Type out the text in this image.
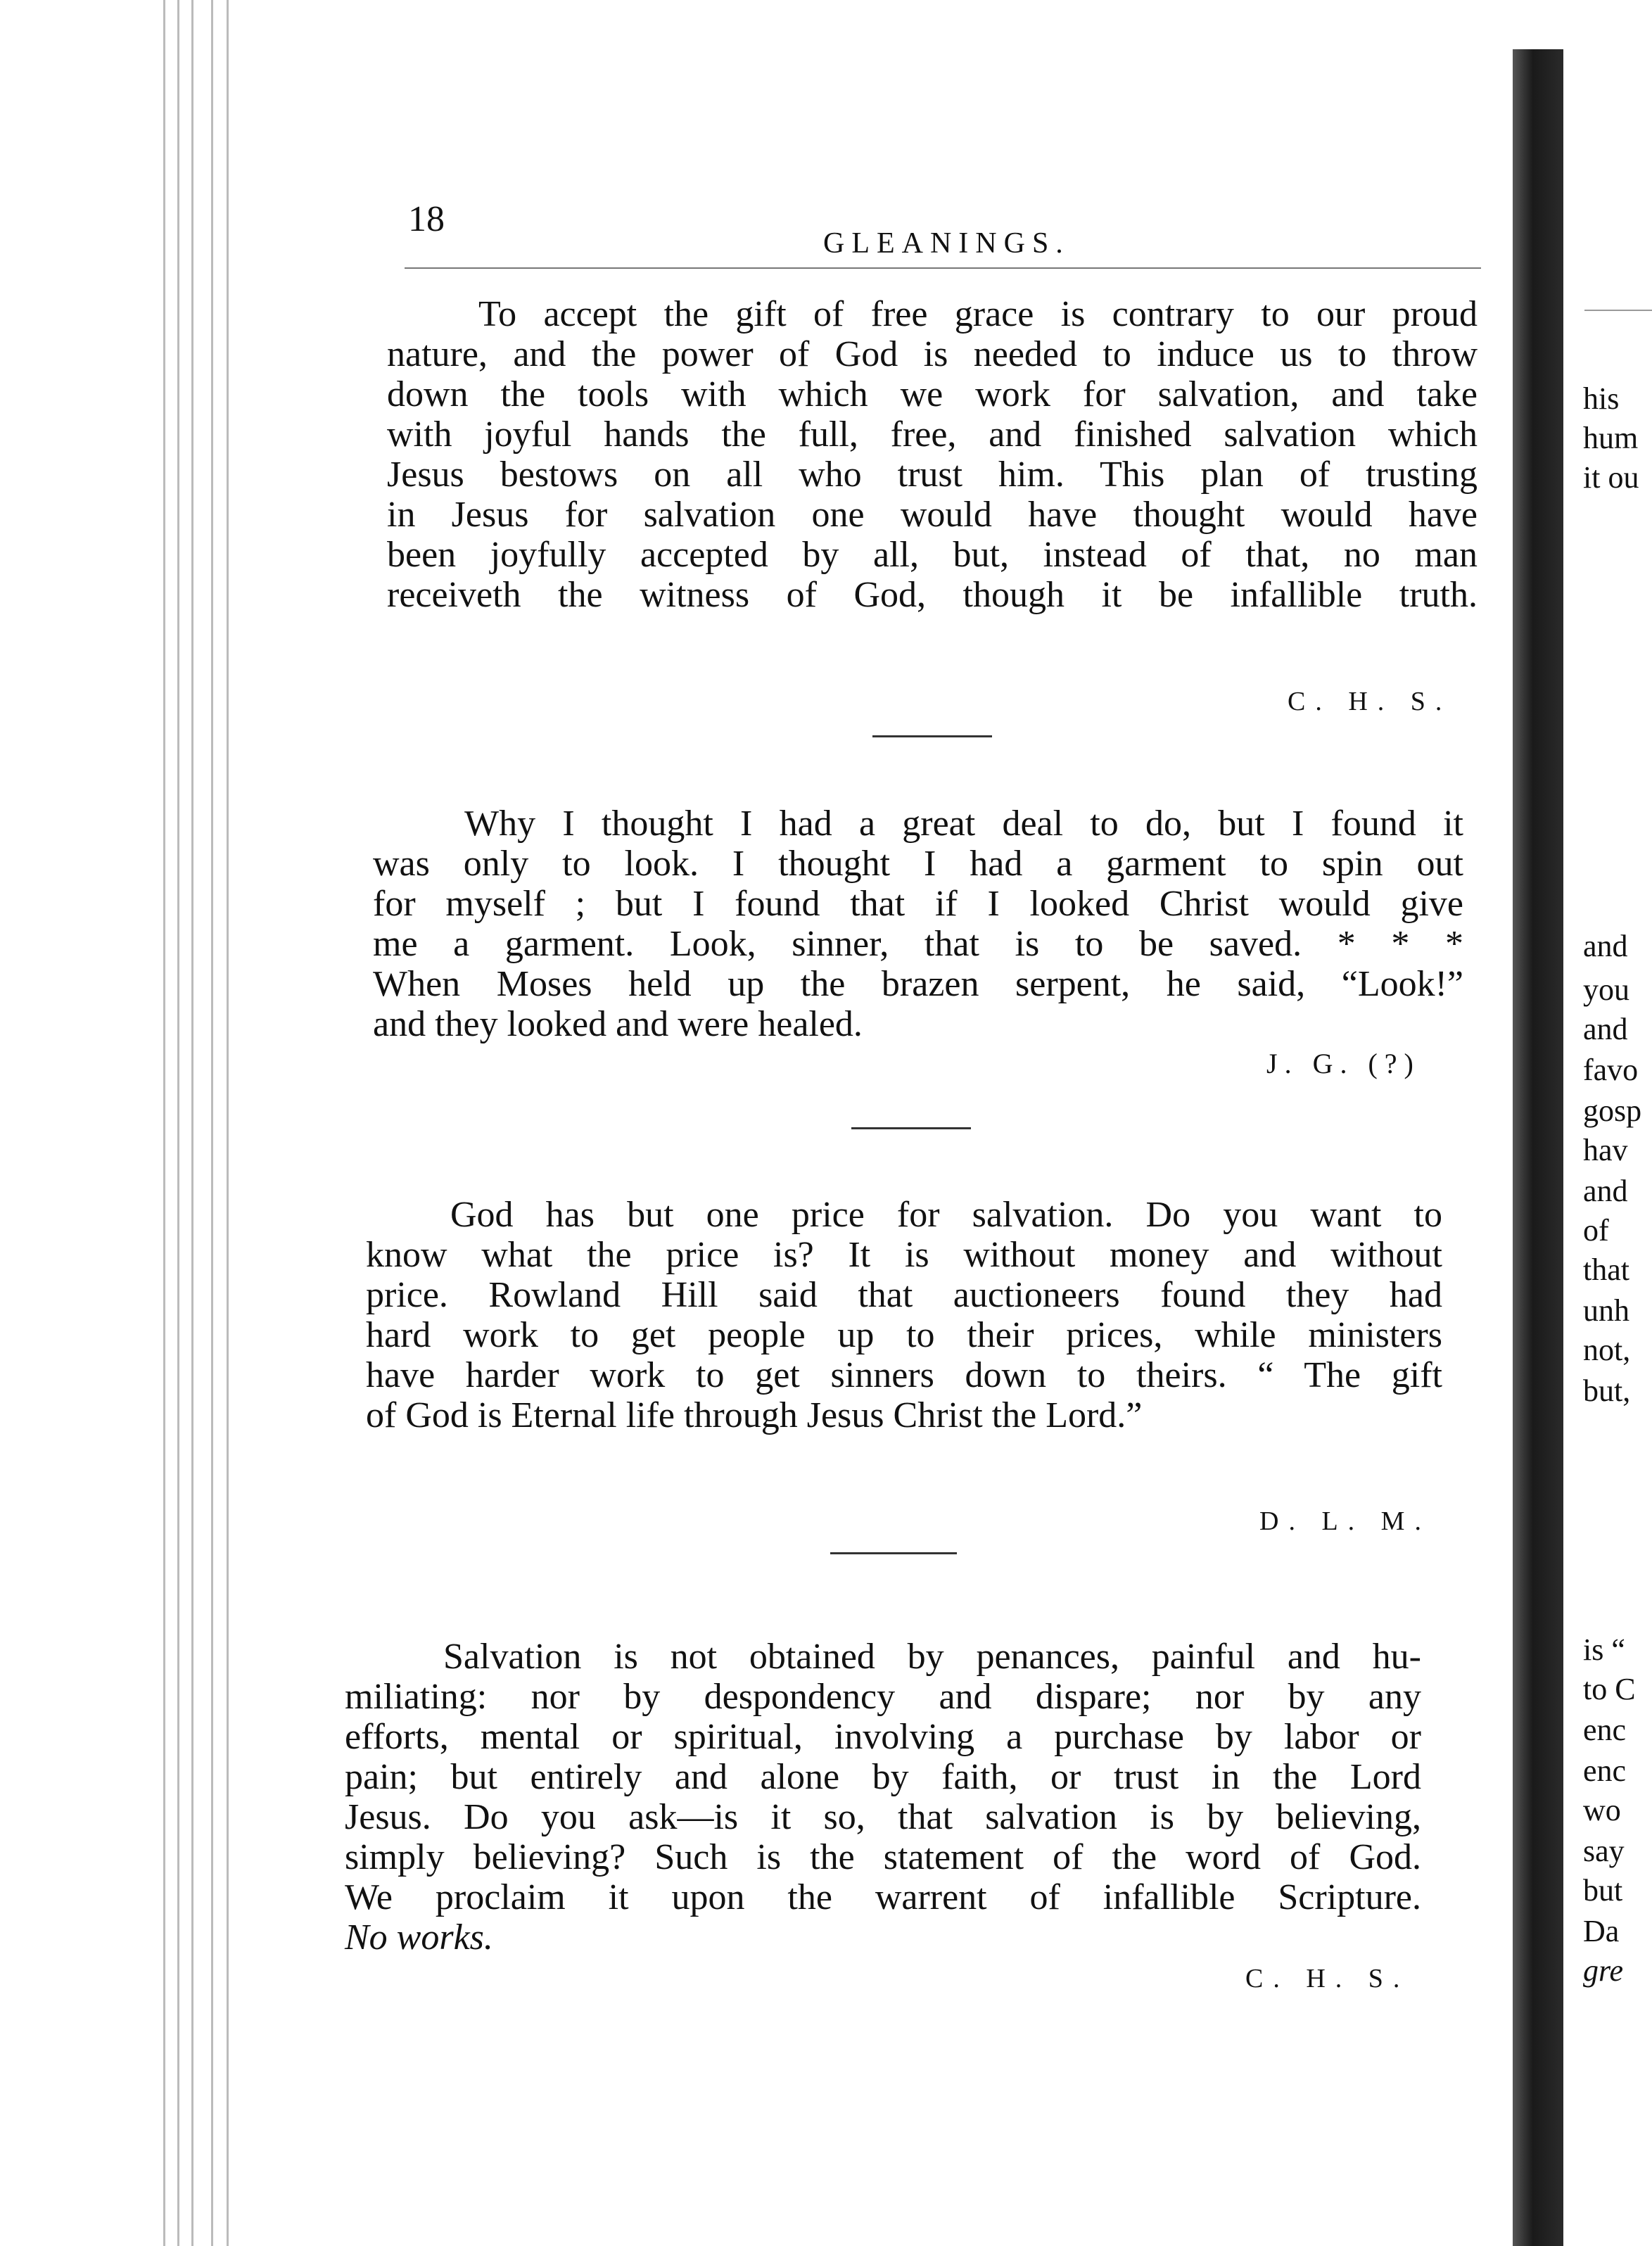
his
hum
it ou
and
you
and
favo
gosp
hav
and
of
that
unh
not,
but,
is “
to C
enc
enc
wo
say
but
Da
gre
18
GLEANINGS.
To accept the gift of free grace is contrary to our proud
nature, and the power of God is needed to induce us to throw
down the tools with which we work for salvation, and take
with joyful hands the full, free, and finished salvation which
Jesus bestows on all who trust him. This plan of trusting
in Jesus for salvation one would have thought would have
been joyfully accepted by all, but, instead of that, no man
receiveth the witness of God, though it be infallible truth.
C. H. S.
Why I thought I had a great deal to do, but I found it
was only to look. I thought I had a garment to spin out
for myself ; but I found that if I looked Christ would give
me a garment. Look, sinner, that is to be saved. * * *
When Moses held up the brazen serpent, he said, “Look!”
and they looked and were healed.
J. G. (?)
God has but one price for salvation. Do you want to
know what the price is? It is without money and without
price. Rowland Hill said that auctioneers found they had
hard work to get people up to their prices, while ministers
have harder work to get sinners down to theirs. “ The gift
of God is Eternal life through Jesus Christ the Lord.”
D. L. M.
Salvation is not obtained by penances, painful and hu-
miliating: nor by despondency and dispare; nor by any
efforts, mental or spiritual, involving a purchase by labor or
pain; but entirely and alone by faith, or trust in the Lord
Jesus. Do you ask—is it so, that salvation is by believing,
simply believing? Such is the statement of the word of God.
We proclaim it upon the warrent of infallible Scripture.
No works.
C. H. S.
